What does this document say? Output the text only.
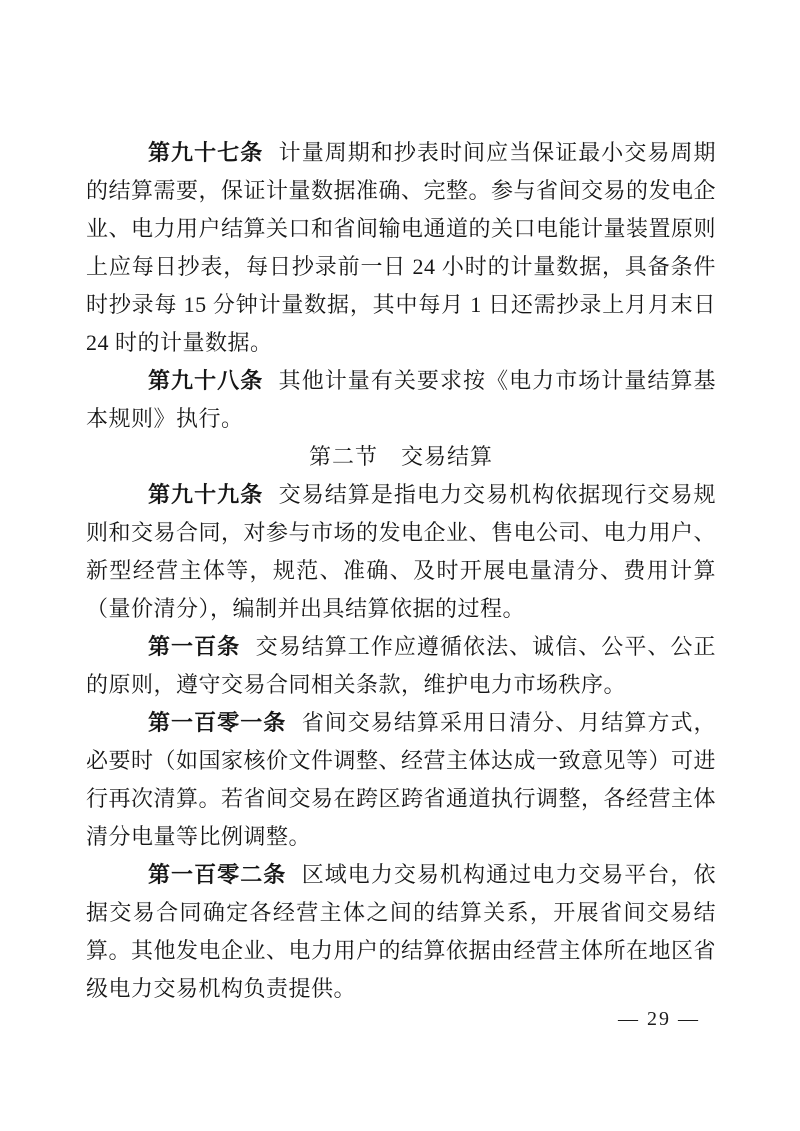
第九十七条 计量周期和抄表时间应当保证最小交易周期的结算需要，保证计量数据准确、完整。参与省间交易的发电企业、电力用户结算关口和省间输电通道的关口电能计量装置原则上应每日抄表，每日抄录前一日 24 小时的计量数据，具备条件时抄录每 15 分钟计量数据，其中每月 1 日还需抄录上月月末日 24 时的计量数据。

第九十八条 其他计量有关要求按《电力市场计量结算基本规则》执行。

第二节　交易结算

第九十九条 交易结算是指电力交易机构依据现行交易规则和交易合同，对参与市场的发电企业、售电公司、电力用户、新型经营主体等，规范、准确、及时开展电量清分、费用计算（量价清分），编制并出具结算依据的过程。

第一百条 交易结算工作应遵循依法、诚信、公平、公正的原则，遵守交易合同相关条款，维护电力市场秩序。

第一百零一条 省间交易结算采用日清分、月结算方式，必要时（如国家核价文件调整、经营主体达成一致意见等）可进行再次清算。若省间交易在跨区跨省通道执行调整，各经营主体清分电量等比例调整。

第一百零二条 区域电力交易机构通过电力交易平台，依据交易合同确定各经营主体之间的结算关系，开展省间交易结算。其他发电企业、电力用户的结算依据由经营主体所在地区省级电力交易机构负责提供。

— 29 —
